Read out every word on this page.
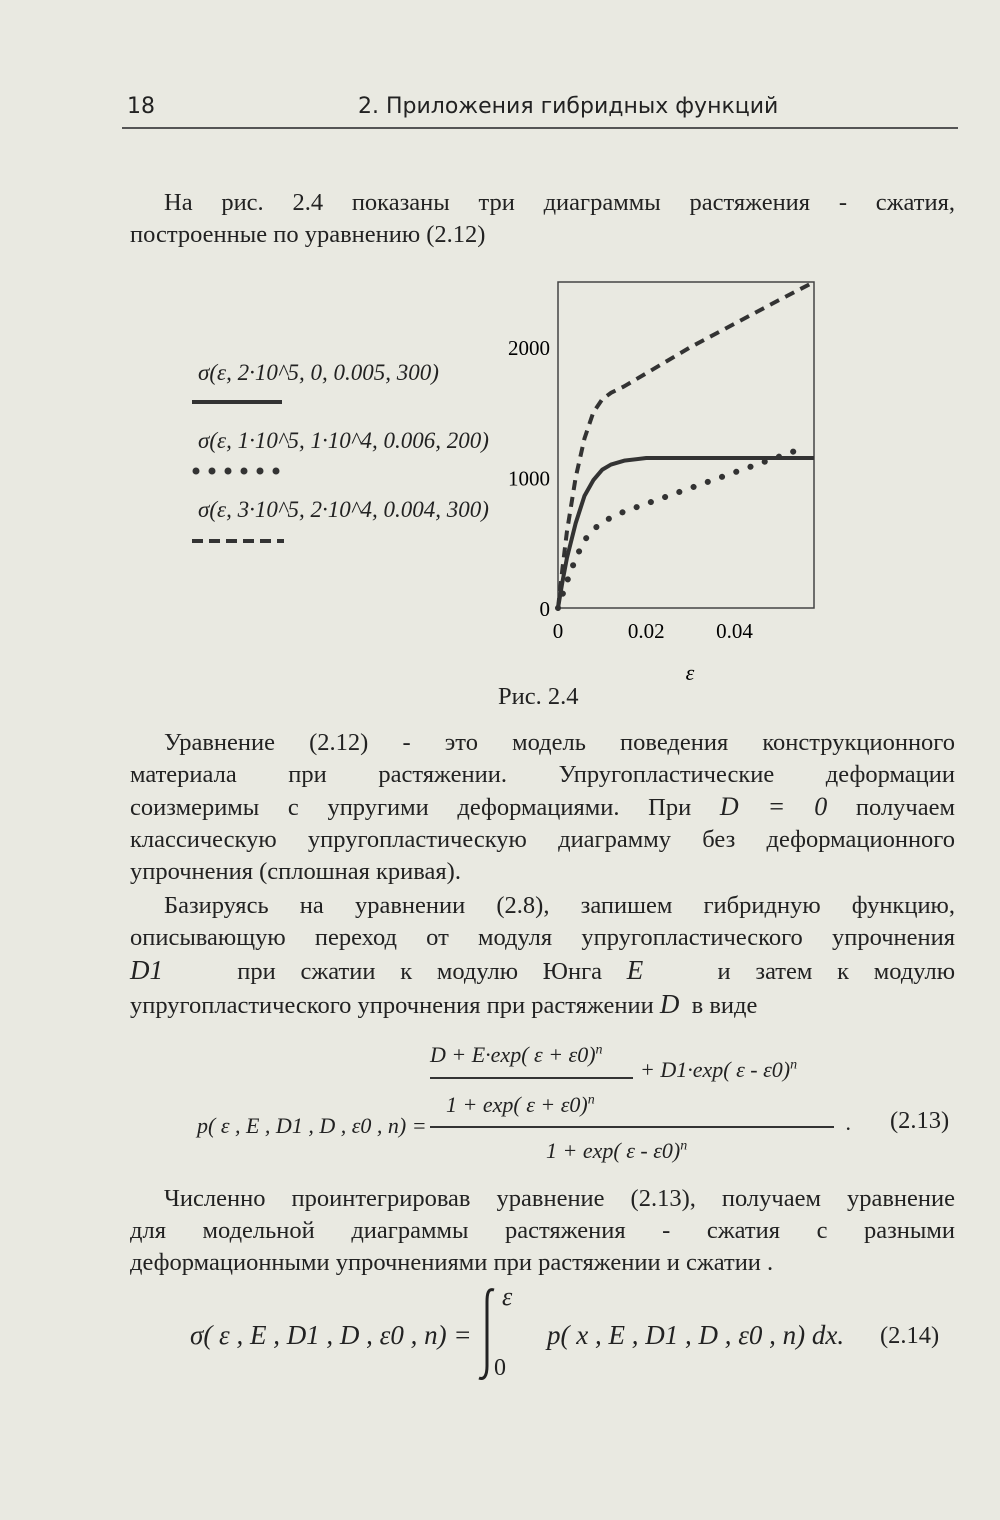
18	2. Приложения гибридных функций

На рис. 2.4 показаны три диаграммы растяжения - сжатия,

построенные по уравнению (2.12)

σ(ε, 2·10^5, 0, 0.005, 300)
σ(ε, 1·10^5, 1·10^4, 0.006, 200)
σ(ε, 3·10^5, 2·10^4, 0.004, 300)
0	0.02 0.04
0
1000
2000
ε
Рис. 2.4

Уравнение (2.12) - это модель поведения конструкционного

материала при растяжении. Упругопластические деформации

соизмеримы с упругими деформациями. При D = 0 получаем

классическую упругопластическую диаграмму без деформационного

упрочнения (сплошная кривая).

Базируясь на уравнении (2.8), запишем гибридную функцию,

описывающую переход от модуля упругопластического упрочнения

D1	при сжатии к модулю Юнга E	и затем к модулю

упругопластического упрочнения при растяжении D в виде

D + E·exp( ε + ε0)$^n$
1 + exp( ε + ε0)$^n$
+ D1·exp( ε - ε0)$^n$
p( ε , E , D1 , D , ε0 , n) =	.
1 + exp( ε - ε0)$^n$
(2.13)

Численно проинтегрировав уравнение (2.13), получаем уравнение

для модельной диаграммы растяжения - сжатия с разными

деформационными упрочнениями при растяжении и сжатии .

σ( ε , E , D1 , D , ε0 , n) =
ε
0
p( x , E , D1 , D , ε0 , n) dx. (2.14)
